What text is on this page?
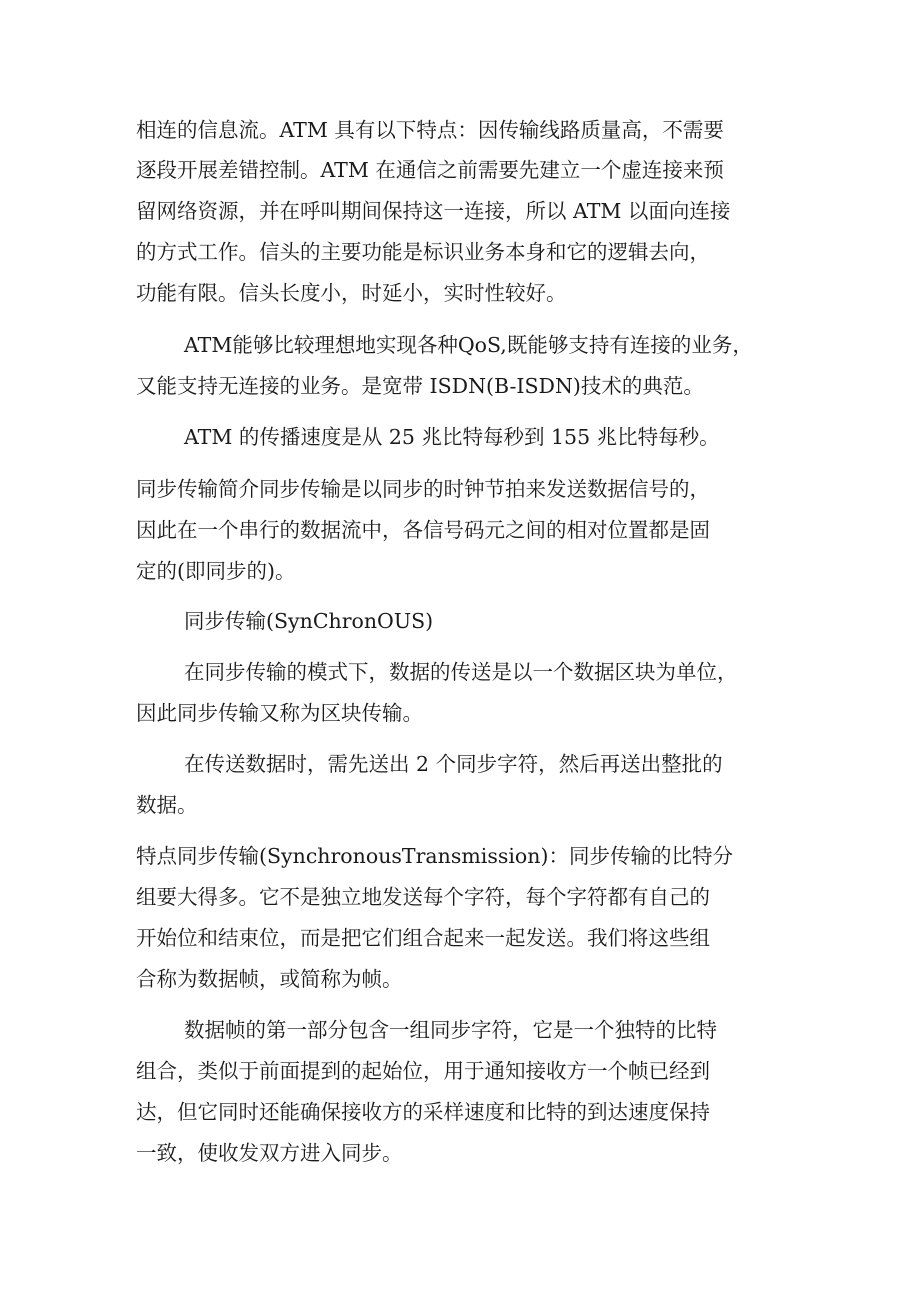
相连的信息流。ATM 具有以下特点：因传输线路质量高，不需要
逐段开展差错控制。ATM 在通信之前需要先建立一个虚连接来预
留网络资源，并在呼叫期间保持这一连接，所以 ATM 以面向连接
的方式工作。信头的主要功能是标识业务本身和它的逻辑去向，
功能有限。信头长度小，时延小，实时性较好。
ATM能够比较理想地实现各种QoS,既能够支持有连接的业务，
又能支持无连接的业务。是宽带 ISDN(B-ISDN)技术的典范。
ATM 的传播速度是从 25 兆比特每秒到 155 兆比特每秒。
同步传输简介同步传输是以同步的时钟节拍来发送数据信号的，
因此在一个串行的数据流中，各信号码元之间的相对位置都是固
定的(即同步的)。
同步传输(SynChronOUS)
在同步传输的模式下，数据的传送是以一个数据区块为单位，
因此同步传输又称为区块传输。
在传送数据时，需先送出 2 个同步字符，然后再送出整批的
数据。
特点同步传输(SynchronousTransmission)：同步传输的比特分
组要大得多。它不是独立地发送每个字符，每个字符都有自己的
开始位和结束位，而是把它们组合起来一起发送。我们将这些组
合称为数据帧，或简称为帧。
数据帧的第一部分包含一组同步字符，它是一个独特的比特
组合，类似于前面提到的起始位，用于通知接收方一个帧已经到
达，但它同时还能确保接收方的采样速度和比特的到达速度保持
一致，使收发双方进入同步。
